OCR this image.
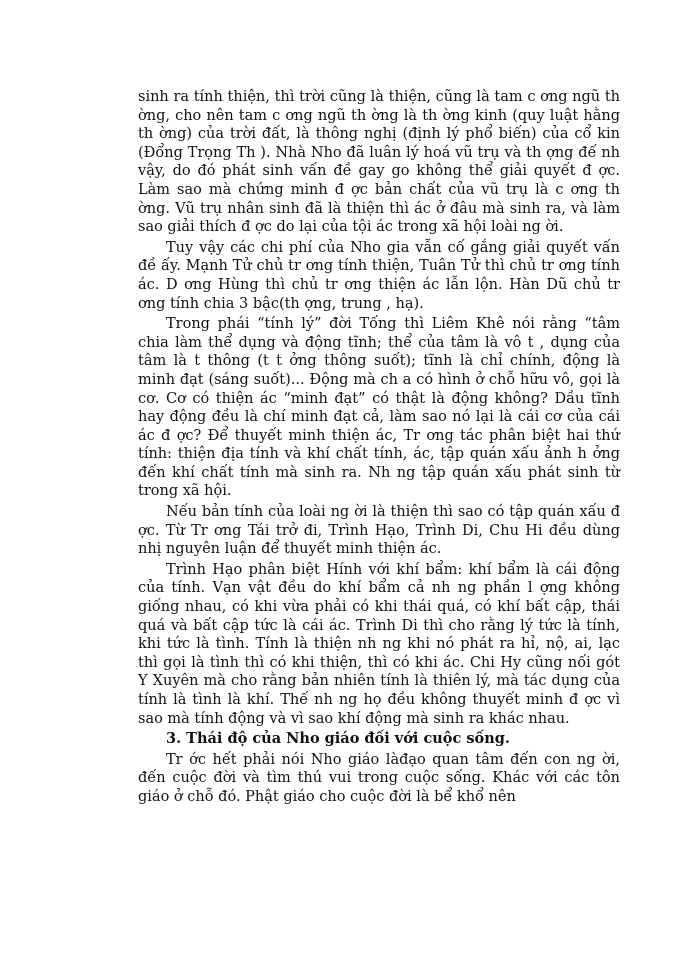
sinh ra tính thiện, thì trời cũng là thiện, cũng là tam c ơng ngũ th ờng, cho nên tam c ơng ngũ th ờng là th ờng kinh (quy luật hằng th ờng) của trời đất, là thông nghị (định lý phổ biến) của cổ kin (Đổng Trọng Th ). Nhà Nho đã luân lý hoá vũ trụ và th ợng đế nh vậy, do đó phát sinh vấn đề gay go không thể giải quyết đ ợc. Làm sao mà chứng minh đ ợc bản chất của vũ trụ là c ơng th ờng. Vũ trụ nhân sinh đã là thiện thì ác ở đâu mà sinh ra, và làm sao giải thích đ ợc do lại của tội ác trong xã hội loài ng ời.

Tuy vậy các chi phí của Nho gia vẫn cố gắng giải quyết vấn đề ấy. Mạnh Tử chủ tr ơng tính thiện, Tuân Tử thì chủ tr ơng tính ác. D ơng Hùng thì chủ tr ơng thiện ác lẫn lộn. Hàn Dũ chủ tr ơng tính chia 3 bậc(th ợng, trung , hạ).

Trong phái “tính lý” đời Tống thì Liêm Khê nói rằng “tâm chia làm thể dụng và động tĩnh; thể của tâm là vô t , dụng của tâm là t thông (t t ởng thông suốt); tĩnh là chỉ chính, động là minh đạt (sáng suốt)... Động mà ch a có hình ở chỗ hữu vô, gọi là cơ. Cơ có thiện ác “minh đạt” có thật là động không? Dầu tĩnh hay động đều là chí minh đạt cả, làm sao nó lại là cái cơ của cái ác đ ợc? Để thuyết minh thiện ác, Tr ơng tác phân biệt hai thứ tính: thiện địa tính và khí chất tính, ác, tập quán xấu ảnh h ởng đến khí chất tính mà sinh ra. Nh ng tập quán xấu phát sinh từ trong xã hội.

Nếu bản tính của loài ng ời là thiện thì sao có tập quán xấu đ ợc. Từ Tr ơng Tái trở đi, Trình Hạo, Trình Di, Chu Hi đều dùng nhị nguyên luận để thuyết minh thiện ác.

Trình Hạo phân biệt Hính với khí bẩm: khí bẩm là cái động của tính. Vạn vật đều do khí bẩm cả nh ng phần l ợng không giống nhau, có khi vừa phải có khi thái quá, có khí bất cập, thái quá và bất cập tức là cái ác. Trình Di thì cho rằng lý tức là tính, khi tức là tình. Tính là thiện nh ng khi nó phát ra hỉ, nộ, ai, lạc thì gọi là tình thì có khi thiện, thì có khi ác. Chi Hy cũng nối gót Y Xuyên mà cho rằng bản nhiên tính là thiên lý, mà tác dụng của tính là tình là khí. Thế nh ng họ đều không thuyết minh đ ợc vì sao mà tính động và vì sao khí động mà sinh ra khác nhau.

3. Thái độ của Nho giáo đối với cuộc sống.

Tr ớc hết phải nói Nho giáo làđạo quan tâm đến con ng ời, đến cuộc đời và tìm thú vui trong cuộc sống. Khác với các tôn giáo ở chỗ đó. Phật giáo cho cuộc đời là bể khổ nên
